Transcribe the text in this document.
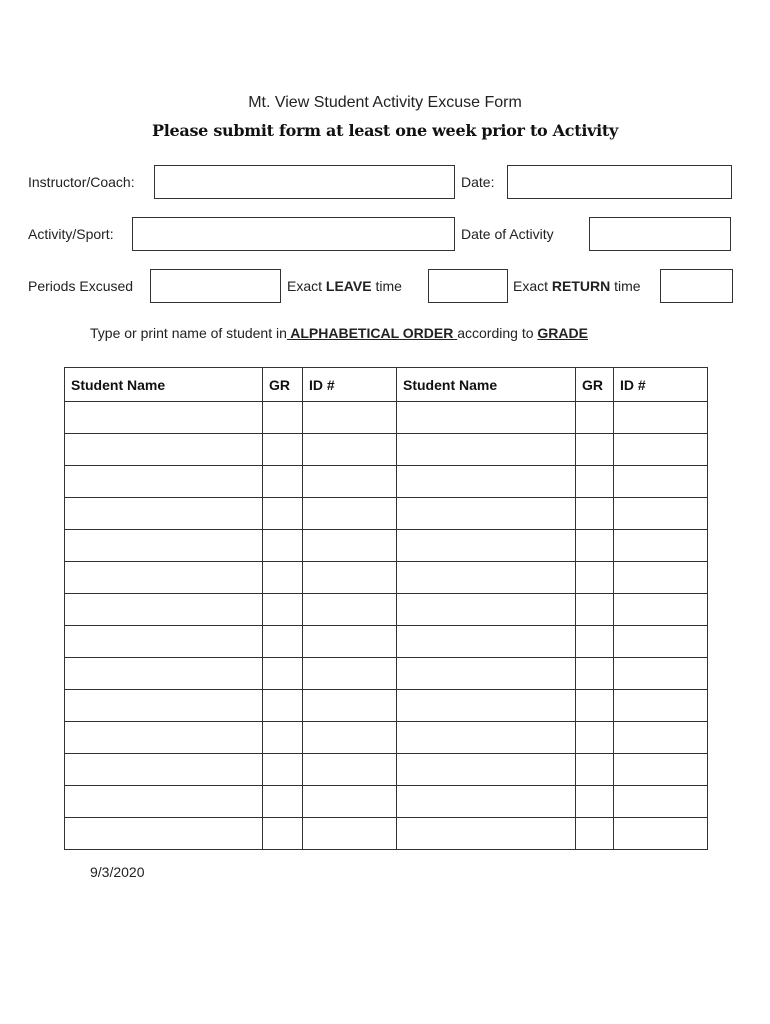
Mt. View Student Activity Excuse Form
Please submit form at least one week prior to Activity
Instructor/Coach:	Date:
Activity/Sport:	Date of Activity
Periods Excused	Exact LEAVE time	Exact RETURN time
Type or print name of student in ALPHABETICAL ORDER according to GRADE
Student Name	GR	ID #	Student Name	GR	ID #

9/3/2020
